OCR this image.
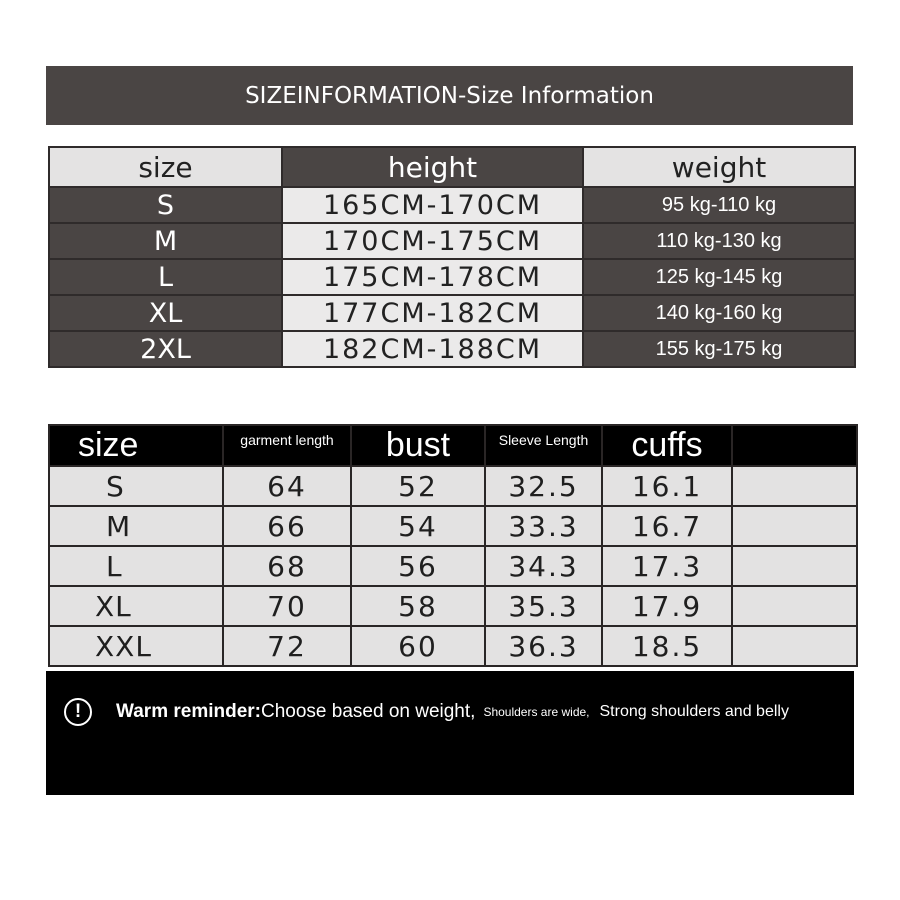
SIZEINFORMATION-Size Information
size	height	weight
S	165CM-170CM	95 kg-110 kg
M	170CM-175CM	110 kg-130 kg
L	175CM-178CM	125 kg-145 kg
XL	177CM-182CM	140 kg-160 kg
2XL	182CM-188CM	155 kg-175 kg
size	garment length	bust	Sleeve Length	cuffs	
S	64	52	32.5	16.1	
M	66	54	33.3	16.7	
L	68	56	34.3	17.3	
XL	70	58	35.3	17.9	
XXL	72	60	36.3	18.5	
!	Warm reminder: Choose based on weight, Shoulders are wide, Strong shoulders and belly
